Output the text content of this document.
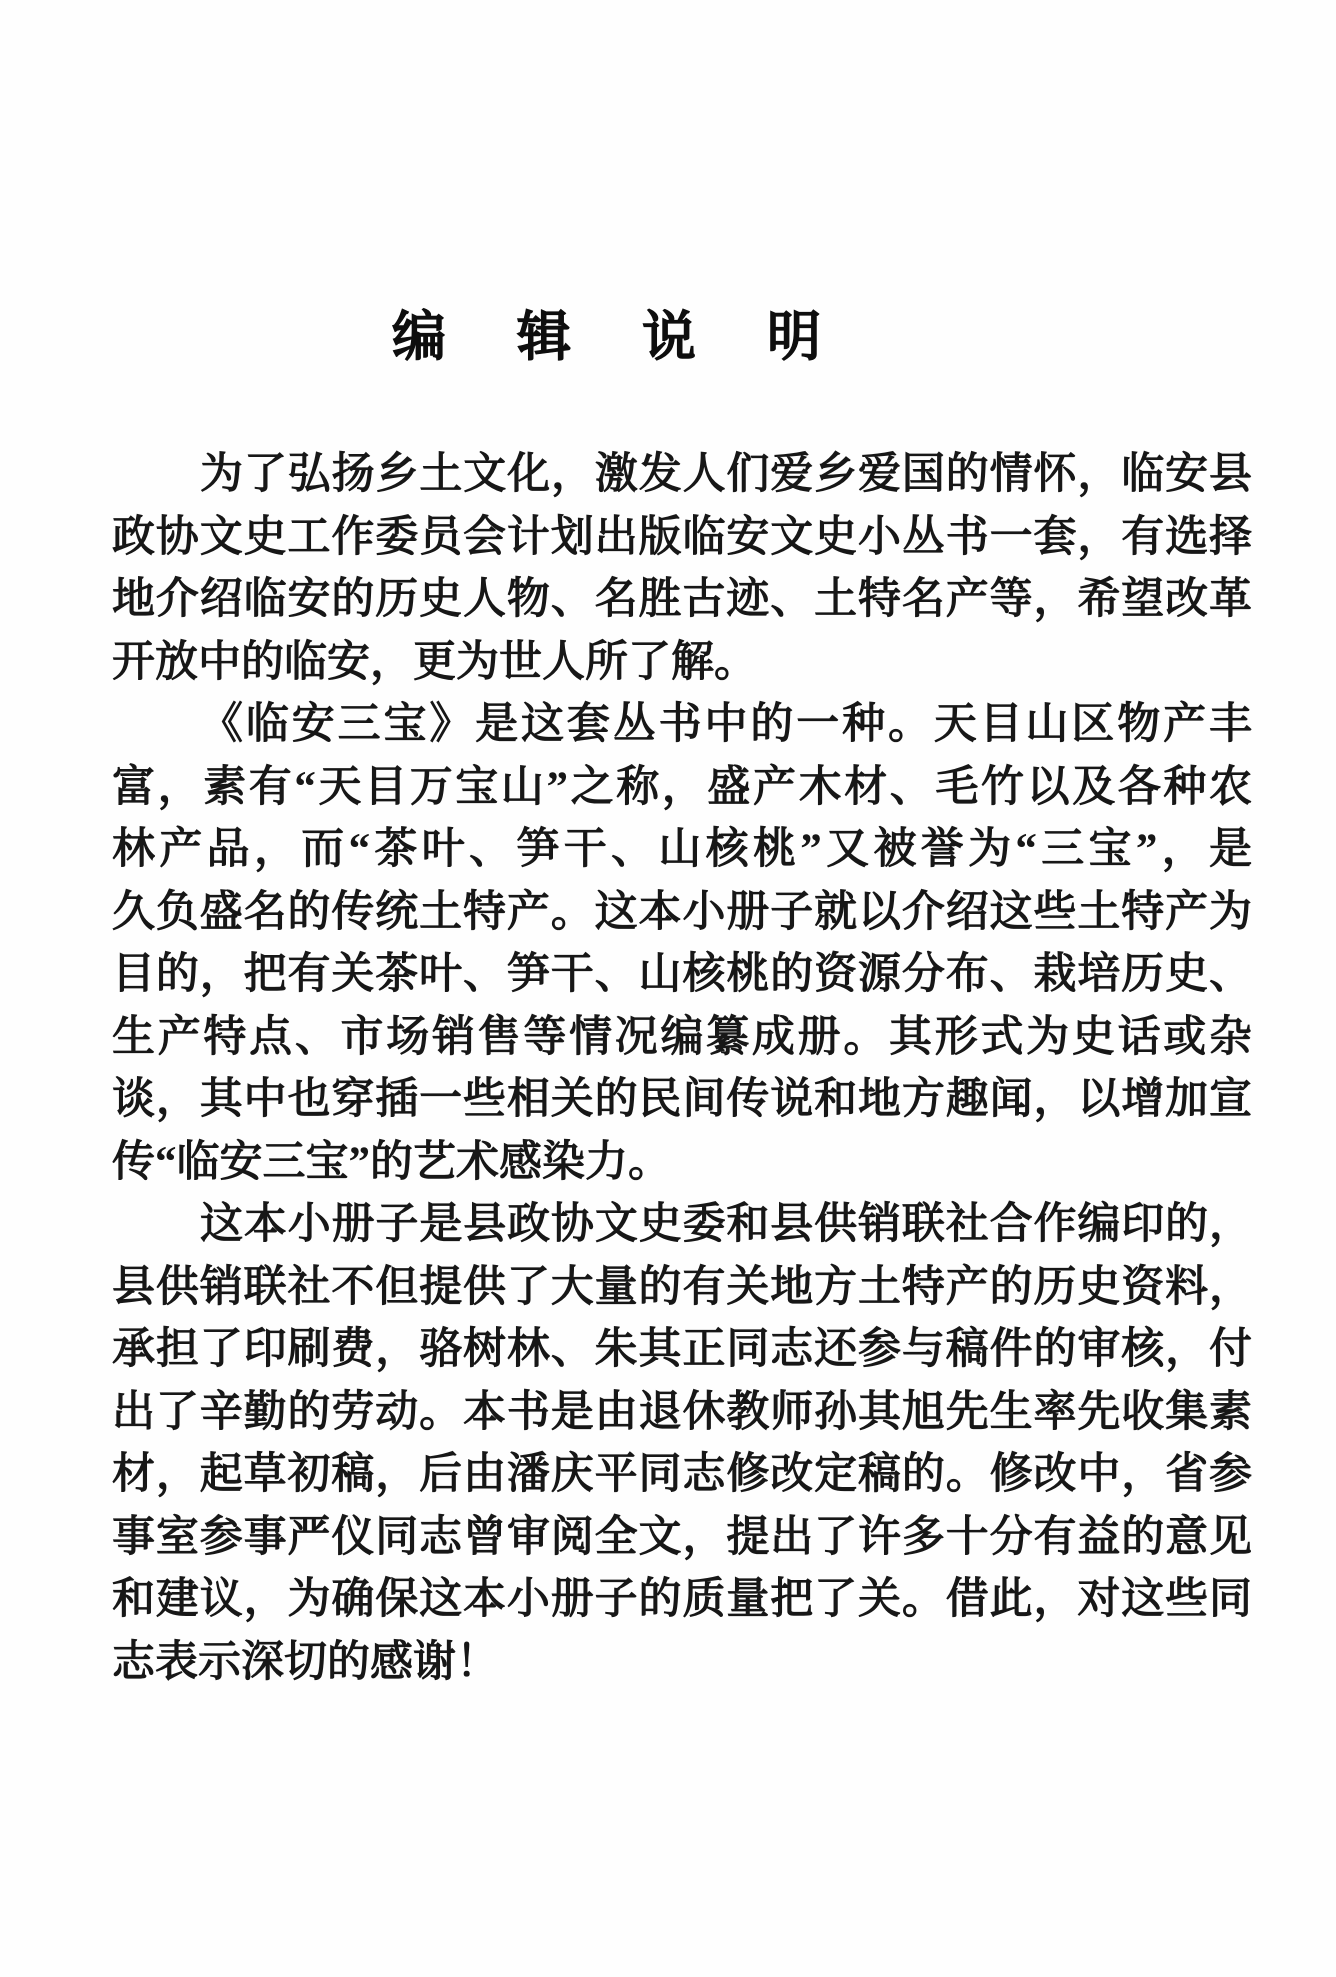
编辑说明
为了弘扬乡土文化，激发人们爱乡爱国的情怀，临安县
政协文史工作委员会计划出版临安文史小丛书一套，有选择
地介绍临安的历史人物、名胜古迹、土特名产等，希望改革
开放中的临安，更为世人所了解。
《临安三宝》是这套丛书中的一种。天目山区物产丰
富，素有“天目万宝山”之称，盛产木材、毛竹以及各种农
林产品，而“茶叶、笋干、山核桃”又被誉为“三宝”，是
久负盛名的传统土特产。这本小册子就以介绍这些土特产为
目的，把有关茶叶、笋干、山核桃的资源分布、栽培历史、
生产特点、市场销售等情况编纂成册。其形式为史话或杂
谈，其中也穿插一些相关的民间传说和地方趣闻，以增加宣
传“临安三宝”的艺术感染力。
这本小册子是县政协文史委和县供销联社合作编印的，
县供销联社不但提供了大量的有关地方土特产的历史资料，
承担了印刷费，骆树林、朱其正同志还参与稿件的审核，付
出了辛勤的劳动。本书是由退休教师孙其旭先生率先收集素
材，起草初稿，后由潘庆平同志修改定稿的。修改中，省参
事室参事严仪同志曾审阅全文，提出了许多十分有益的意见
和建议，为确保这本小册子的质量把了关。借此，对这些同
志表示深切的感谢！
